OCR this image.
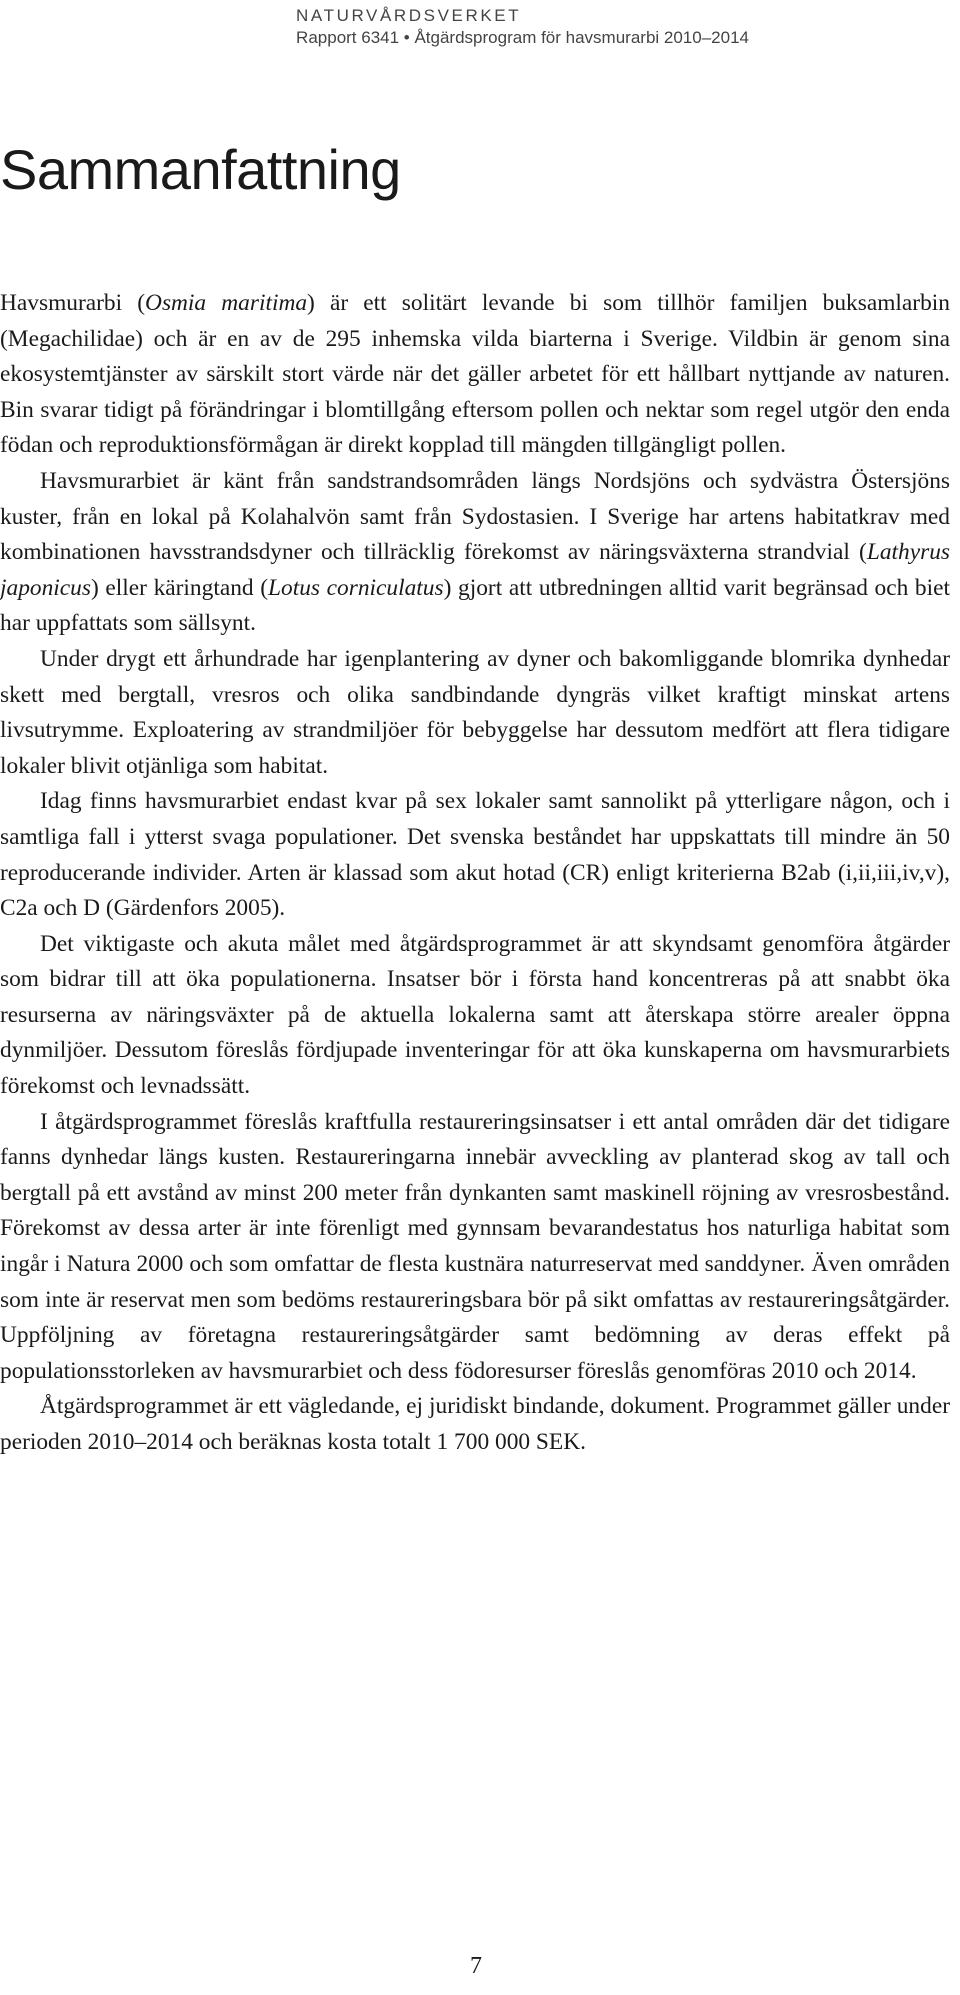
NATURVÅRDSVERKET
Rapport 6341 • Åtgärdsprogram för havsmurarbi 2010–2014
Sammanfattning

Havsmurarbi (Osmia maritima) är ett solitärt levande bi som tillhör familjen buksamlarbin (Megachilidae) och är en av de 295 inhemska vilda biarterna i Sverige. Vildbin är genom sina ekosystemtjänster av särskilt stort värde när det gäller arbetet för ett hållbart nyttjande av naturen. Bin svarar tidigt på förändringar i blomtillgång eftersom pollen och nektar som regel utgör den enda födan och reproduktionsförmågan är direkt kopplad till mängden tillgängligt pollen.

Havsmurarbiet är känt från sandstrandsområden längs Nordsjöns och sydvästra Östersjöns kuster, från en lokal på Kolahalvön samt från Sydostasien. I Sverige har artens habitatkrav med kombinationen havsstrandsdyner och tillräcklig förekomst av näringsväxterna strandvial (Lathyrus japonicus) eller käringtand (Lotus corniculatus) gjort att utbredningen alltid varit begränsad och biet har uppfattats som sällsynt.

Under drygt ett århundrade har igenplantering av dyner och bakomliggande blomrika dynhedar skett med bergtall, vresros och olika sandbindande dyngräs vilket kraftigt minskat artens livsutrymme. Exploatering av strandmiljöer för bebyggelse har dessutom medfört att flera tidigare lokaler blivit otjänliga som habitat.

Idag finns havsmurarbiet endast kvar på sex lokaler samt sannolikt på ytterligare någon, och i samtliga fall i ytterst svaga populationer. Det svenska beståndet har uppskattats till mindre än 50 reproducerande individer. Arten är klassad som akut hotad (CR) enligt kriterierna B2ab (i,ii,iii,iv,v), C2a och D (Gärdenfors 2005).

Det viktigaste och akuta målet med åtgärdsprogrammet är att skyndsamt genomföra åtgärder som bidrar till att öka populationerna. Insatser bör i första hand koncentreras på att snabbt öka resurserna av näringsväxter på de aktuella lokalerna samt att återskapa större arealer öppna dynmiljöer. Dessutom föreslås fördjupade inventeringar för att öka kunskaperna om havsmurarbiets förekomst och levnadssätt.

I åtgärdsprogrammet föreslås kraftfulla restaureringsinsatser i ett antal områden där det tidigare fanns dynhedar längs kusten. Restaureringarna innebär avveckling av planterad skog av tall och bergtall på ett avstånd av minst 200 meter från dynkanten samt maskinell röjning av vresrosbestånd. Förekomst av dessa arter är inte förenligt med gynnsam bevarandestatus hos naturliga habitat som ingår i Natura 2000 och som omfattar de flesta kustnära naturreservat med sanddyner. Även områden som inte är reservat men som bedöms restaureringsbara bör på sikt omfattas av restaureringsåtgärder. Uppföljning av företagna restaureringsåtgärder samt bedömning av deras effekt på populationsstorleken av havsmurarbiet och dess födoresurser föreslås genomföras 2010 och 2014.

Åtgärdsprogrammet är ett vägledande, ej juridiskt bindande, dokument. Programmet gäller under perioden 2010–2014 och beräknas kosta totalt 1 700 000 SEK.

7
